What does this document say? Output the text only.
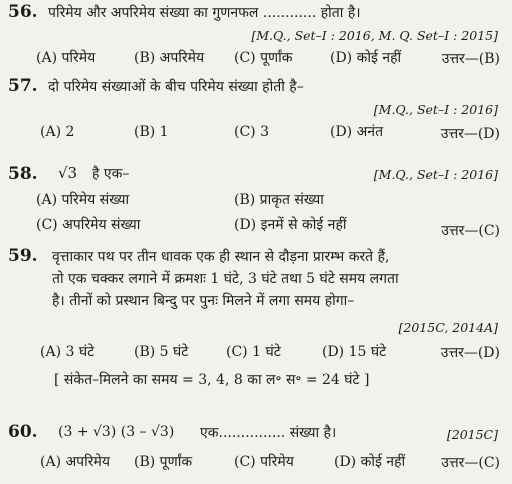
56. परिमेय और अपरिमेय संख्या का गुणनफल ............ होता है।
[M.Q., Set–I : 2016, M. Q. Set–I : 2015]
(A) परिमेय	(B) अपरिमेय (C) पूर्णांक	(D) कोई नहीं	उत्तर—(B)
57. दो परिमेय संख्याओं के बीच परिमेय संख्या होती है–
[M.Q., Set–I : 2016]
(A) 2	(B) 1	(C) 3	(D) अनंत	उत्तर—(D)
58. √3 है एक–	[M.Q., Set–I : 2016]
(A) परिमेय संख्या	(B) प्राकृत संख्या
(C) अपरिमेय संख्या	(D) इनमें से कोई नहीं	उत्तर—(C)
59. वृत्ताकार पथ पर तीन धावक एक ही स्थान से दौड़ना प्रारम्भ करते हैं,
तो एक चक्कर लगाने में क्रमशः 1 घंटे, 3 घंटे तथा 5 घंटे समय लगता
है। तीनों को प्रस्थान बिन्दु पर पुनः मिलने में लगा समय होगा–
[2015C, 2014A]
(A) 3 घंटे	(B) 5 घंटे	(C) 1 घंटे	(D) 15 घंटे	उत्तर—(D)
[ संकेत–मिलने का समय = 3, 4, 8 का ल॰ स॰ = 24 घंटे ]
60. (3 + √3) (3 – √3) एक............... संख्या है।	[2015C]
(A) अपरिमेय (B) पूर्णांक	(C) परिमेय	(D) कोई नहीं	उत्तर—(C)
